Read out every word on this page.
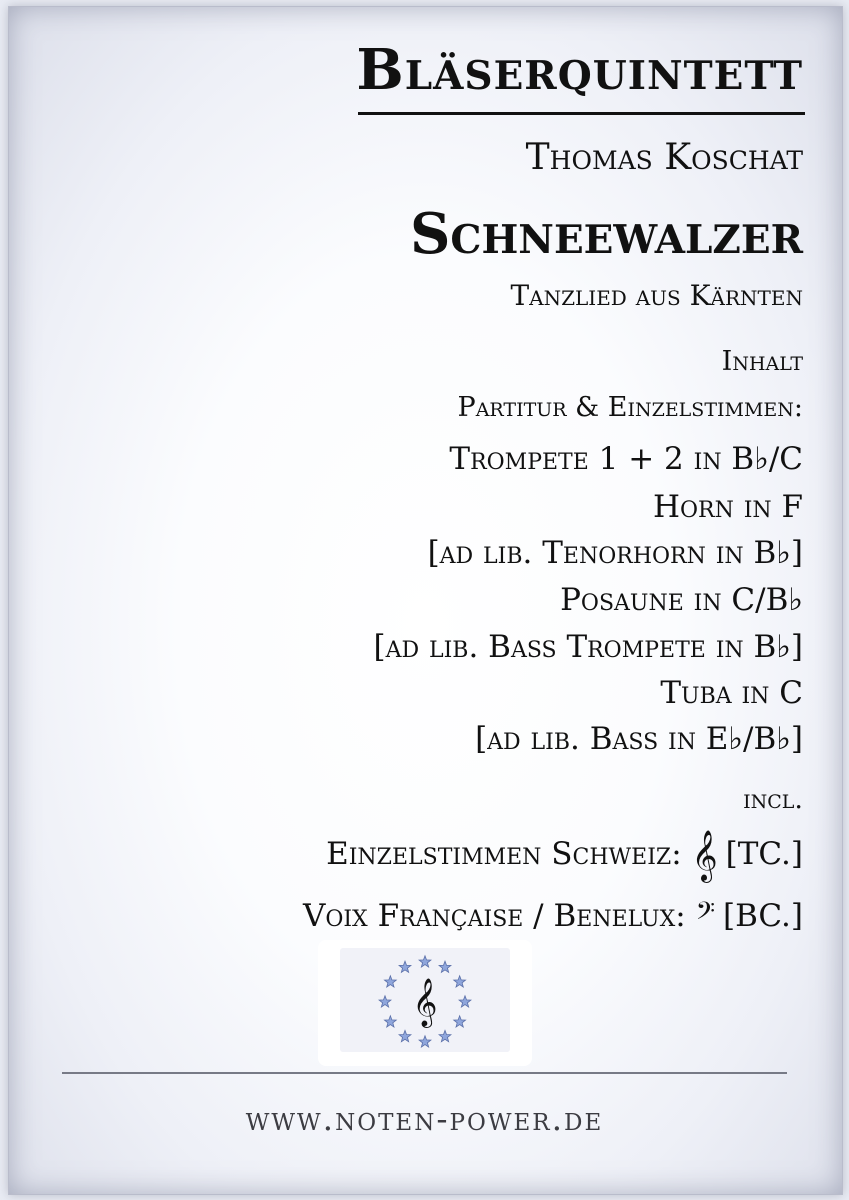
Bläserquintett

Thomas Koschat

Schneewalzer

Tanzlied aus Kärnten

Inhalt

Partitur & Einzelstimmen:

Trompete 1 + 2 in B♭/C

Horn in F

[ad lib. Tenorhorn in B♭]

Posaune in C/B♭

[ad lib. Bass Trompete in B♭]

Tuba in C

[ad lib. Bass in E♭/B♭]

incl.

Einzelstimmen Schweiz: 𝄞 [TC.]

Voix Française / Benelux: 𝄢 [BC.]

𝄞

www.noten-power.de
